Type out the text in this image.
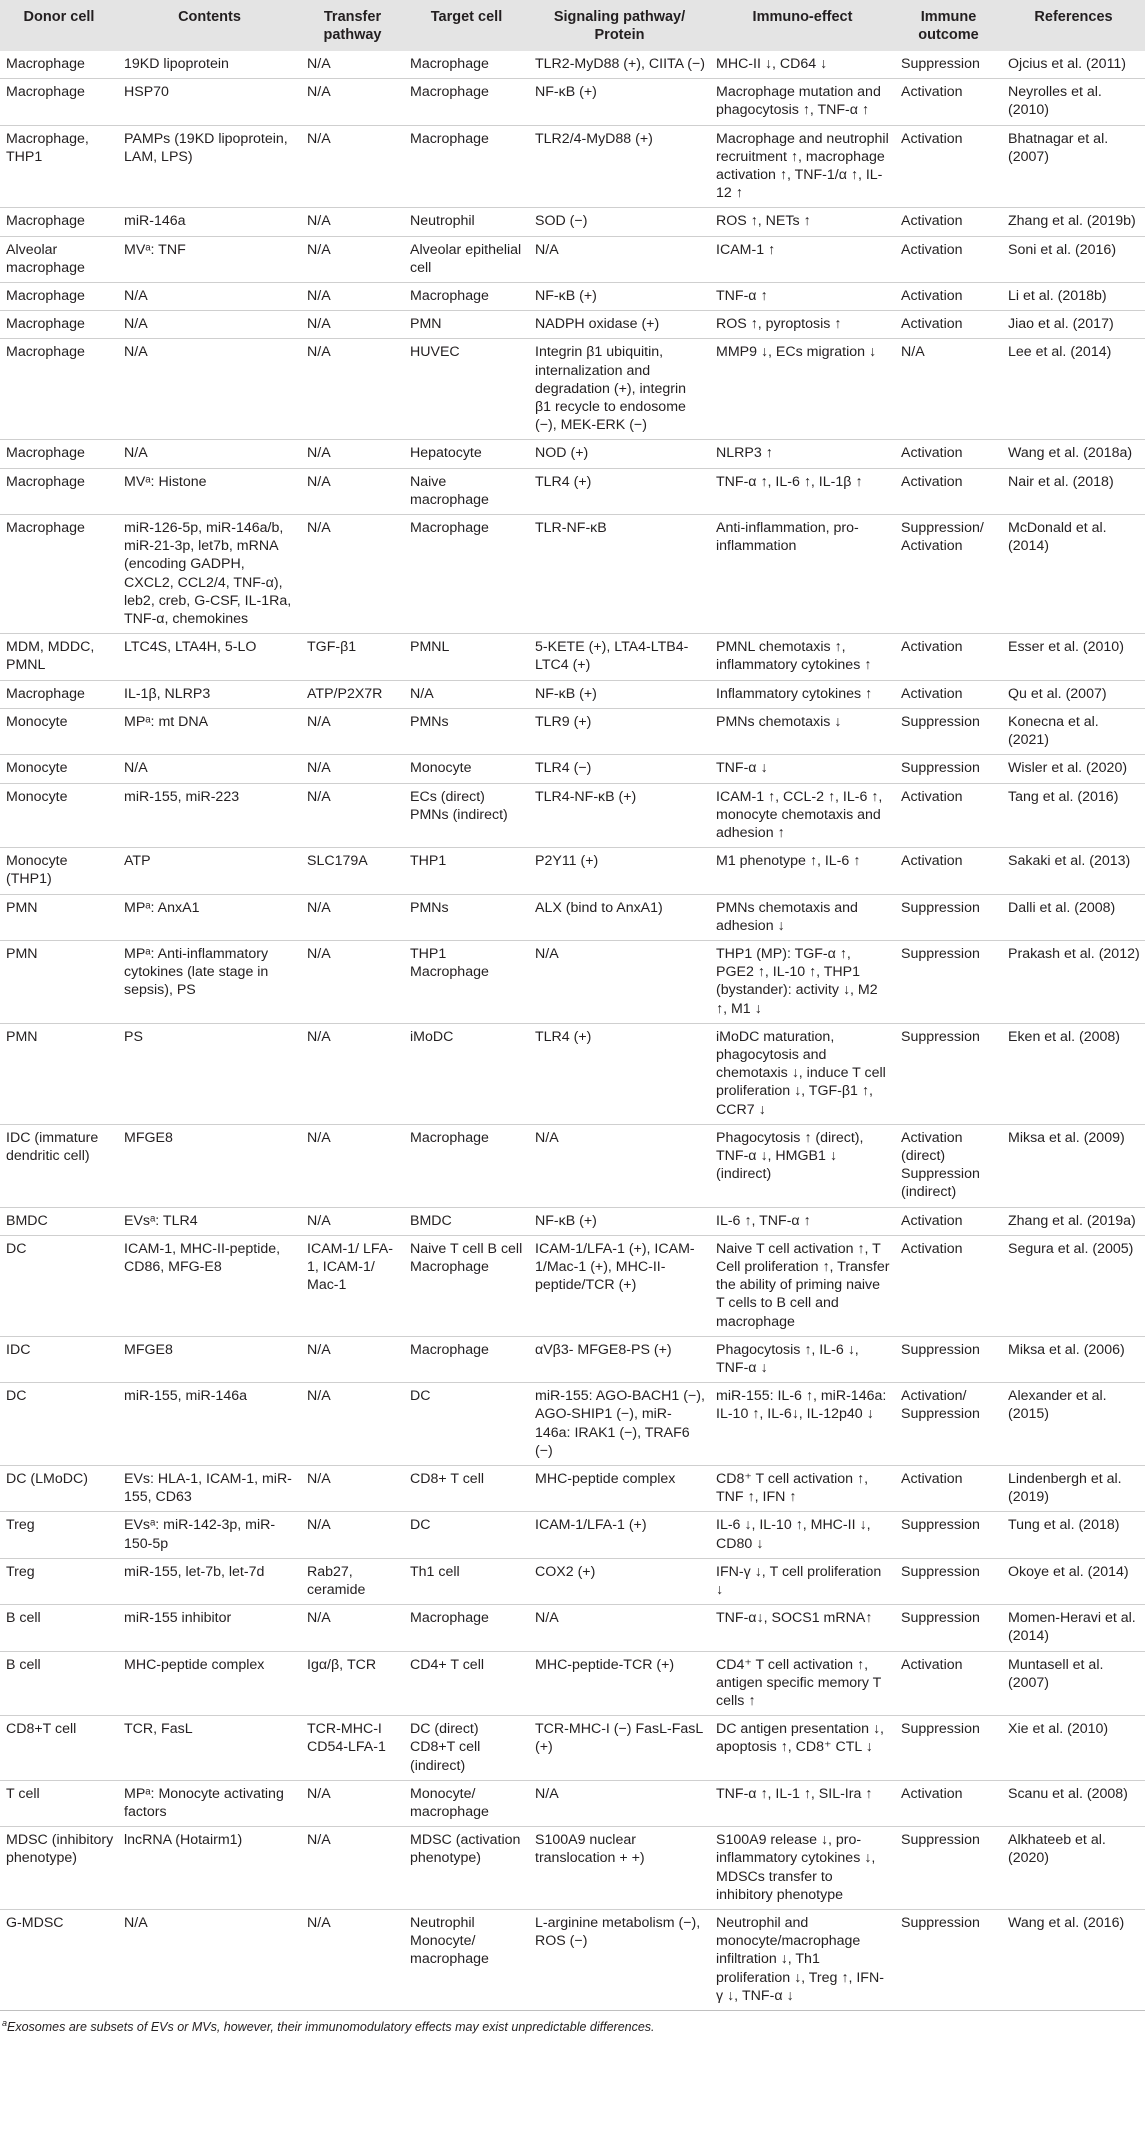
Donor cell	Contents	Transfer pathway	Target cell	Signaling pathway/ Protein	Immuno-effect	Immune outcome	References
Macrophage	19KD lipoprotein	N/A	Macrophage	TLR2-MyD88 (+), CIITA (−)	MHC-II ↓, CD64 ↓	Suppression	Ojcius et al. (2011)
Macrophage	HSP70	N/A	Macrophage	NF-κB (+)	Macrophage mutation and phagocytosis ↑, TNF-α ↑	Activation	Neyrolles et al. (2010)
Macrophage, THP1	PAMPs (19KD lipoprotein, LAM, LPS)	N/A	Macrophage	TLR2/4-MyD88 (+)	Macrophage and neutrophil recruitment ↑, macrophage activation ↑, TNF-1/α ↑, IL-12 ↑	Activation	Bhatnagar et al. (2007)
Macrophage	miR-146a	N/A	Neutrophil	SOD (−)	ROS ↑, NETs ↑	Activation	Zhang et al. (2019b)
Alveolar macrophage	MVᵃ: TNF	N/A	Alveolar epithelial cell	N/A	ICAM-1 ↑	Activation	Soni et al. (2016)
Macrophage	N/A	N/A	Macrophage	NF-κB (+)	TNF-α ↑	Activation	Li et al. (2018b)
Macrophage	N/A	N/A	PMN	NADPH oxidase (+)	ROS ↑, pyroptosis ↑	Activation	Jiao et al. (2017)
Macrophage	N/A	N/A	HUVEC	Integrin β1 ubiquitin, internalization and degradation (+), integrin β1 recycle to endosome (−), MEK-ERK (−)	MMP9 ↓, ECs migration ↓	N/A	Lee et al. (2014)
Macrophage	N/A	N/A	Hepatocyte	NOD (+)	NLRP3 ↑	Activation	Wang et al. (2018a)
Macrophage	MVᵃ: Histone	N/A	Naive macrophage	TLR4 (+)	TNF-α ↑, IL-6 ↑, IL-1β ↑	Activation	Nair et al. (2018)
Macrophage	miR-126-5p, miR-146a/b, miR-21-3p, let7b, mRNA (encoding GADPH, CXCL2, CCL2/4, TNF-α), leb2, creb, G-CSF, IL-1Ra, TNF-α, chemokines	N/A	Macrophage	TLR-NF-κB	Anti-inflammation, pro-inflammation	Suppression/ Activation	McDonald et al. (2014)
MDM, MDDC, PMNL	LTC4S, LTA4H, 5-LO	TGF-β1	PMNL	5-KETE (+), LTA4-LTB4-LTC4 (+)	PMNL chemotaxis ↑, inflammatory cytokines ↑	Activation	Esser et al. (2010)
Macrophage	IL-1β, NLRP3	ATP/P2X7R	N/A	NF-κB (+)	Inflammatory cytokines ↑	Activation	Qu et al. (2007)
Monocyte	MPᵃ: mt DNA	N/A	PMNs	TLR9 (+)	PMNs chemotaxis ↓	Suppression	Konecna et al. (2021)
Monocyte	N/A	N/A	Monocyte	TLR4 (−)	TNF-α ↓	Suppression	Wisler et al. (2020)
Monocyte	miR-155, miR-223	N/A	ECs (direct) PMNs (indirect)	TLR4-NF-κB (+)	ICAM-1 ↑, CCL-2 ↑, IL-6 ↑, monocyte chemotaxis and adhesion ↑	Activation	Tang et al. (2016)
Monocyte (THP1)	ATP	SLC179A	THP1	P2Y11 (+)	M1 phenotype ↑, IL-6 ↑	Activation	Sakaki et al. (2013)
PMN	MPᵃ: AnxA1	N/A	PMNs	ALX (bind to AnxA1)	PMNs chemotaxis and adhesion ↓	Suppression	Dalli et al. (2008)
PMN	MPᵃ: Anti-inflammatory cytokines (late stage in sepsis), PS	N/A	THP1 Macrophage	N/A	THP1 (MP): TGF-α ↑, PGE2 ↑, IL-10 ↑, THP1 (bystander): activity ↓, M2 ↑, M1 ↓	Suppression	Prakash et al. (2012)
PMN	PS	N/A	iMoDC	TLR4 (+)	iMoDC maturation, phagocytosis and chemotaxis ↓, induce T cell proliferation ↓, TGF-β1 ↑, CCR7 ↓	Suppression	Eken et al. (2008)
IDC (immature dendritic cell)	MFGE8	N/A	Macrophage	N/A	Phagocytosis ↑ (direct), TNF-α ↓, HMGB1 ↓ (indirect)	Activation (direct) Suppression (indirect)	Miksa et al. (2009)
BMDC	EVsᵃ: TLR4	N/A	BMDC	NF-κB (+)	IL-6 ↑, TNF-α ↑	Activation	Zhang et al. (2019a)
DC	ICAM-1, MHC-II-peptide, CD86, MFG-E8	ICAM-1/ LFA-1, ICAM-1/ Mac-1	Naive T cell B cell Macrophage	ICAM-1/LFA-1 (+), ICAM-1/Mac-1 (+), MHC-II-peptide/TCR (+)	Naive T cell activation ↑, T Cell proliferation ↑, Transfer the ability of priming naive T cells to B cell and macrophage	Activation	Segura et al. (2005)
IDC	MFGE8	N/A	Macrophage	αVβ3- MFGE8-PS (+)	Phagocytosis ↑, IL-6 ↓, TNF-α ↓	Suppression	Miksa et al. (2006)
DC	miR-155, miR-146a	N/A	DC	miR-155: AGO-BACH1 (−), AGO-SHIP1 (−), miR-146a: IRAK1 (−), TRAF6 (−)	miR-155: IL-6 ↑, miR-146a: IL-10 ↑, IL-6↓, IL-12p40 ↓	Activation/ Suppression	Alexander et al. (2015)
DC (LMoDC)	EVs: HLA-1, ICAM-1, miR-155, CD63	N/A	CD8+ T cell	MHC-peptide complex	CD8⁺ T cell activation ↑, TNF ↑, IFN ↑	Activation	Lindenbergh et al. (2019)
Treg	EVsᵃ: miR-142-3p, miR-150-5p	N/A	DC	ICAM-1/LFA-1 (+)	IL-6 ↓, IL-10 ↑, MHC-II ↓, CD80 ↓	Suppression	Tung et al. (2018)
Treg	miR-155, let-7b, let-7d	Rab27, ceramide	Th1 cell	COX2 (+)	IFN-γ ↓, T cell proliferation ↓	Suppression	Okoye et al. (2014)
B cell	miR-155 inhibitor	N/A	Macrophage	N/A	TNF-α↓, SOCS1 mRNA↑	Suppression	Momen-Heravi et al. (2014)
B cell	MHC-peptide complex	Igα/β, TCR	CD4+ T cell	MHC-peptide-TCR (+)	CD4⁺ T cell activation ↑, antigen specific memory T cells ↑	Activation	Muntasell et al. (2007)
CD8+T cell	TCR, FasL	TCR-MHC-I CD54-LFA-1	DC (direct) CD8+T cell (indirect)	TCR-MHC-I (−) FasL-FasL (+)	DC antigen presentation ↓, apoptosis ↑, CD8⁺ CTL ↓	Suppression	Xie et al. (2010)
T cell	MPᵃ: Monocyte activating factors	N/A	Monocyte/ macrophage	N/A	TNF-α ↑, IL-1 ↑, SIL-Ira ↑	Activation	Scanu et al. (2008)
MDSC (inhibitory phenotype)	lncRNA (Hotairm1)	N/A	MDSC (activation phenotype)	S100A9 nuclear translocation + +)	S100A9 release ↓, pro-inflammatory cytokines ↓, MDSCs transfer to inhibitory phenotype	Suppression	Alkhateeb et al. (2020)
G-MDSC	N/A	N/A	Neutrophil Monocyte/ macrophage	L-arginine metabolism (−), ROS (−)	Neutrophil and monocyte/macrophage infiltration ↓, Th1 proliferation ↓, Treg ↑, IFN-γ ↓, TNF-α ↓	Suppression	Wang et al. (2016)
$^a$Exosomes are subsets of EVs or MVs, however, their immunomodulatory effects may exist unpredictable differences.
